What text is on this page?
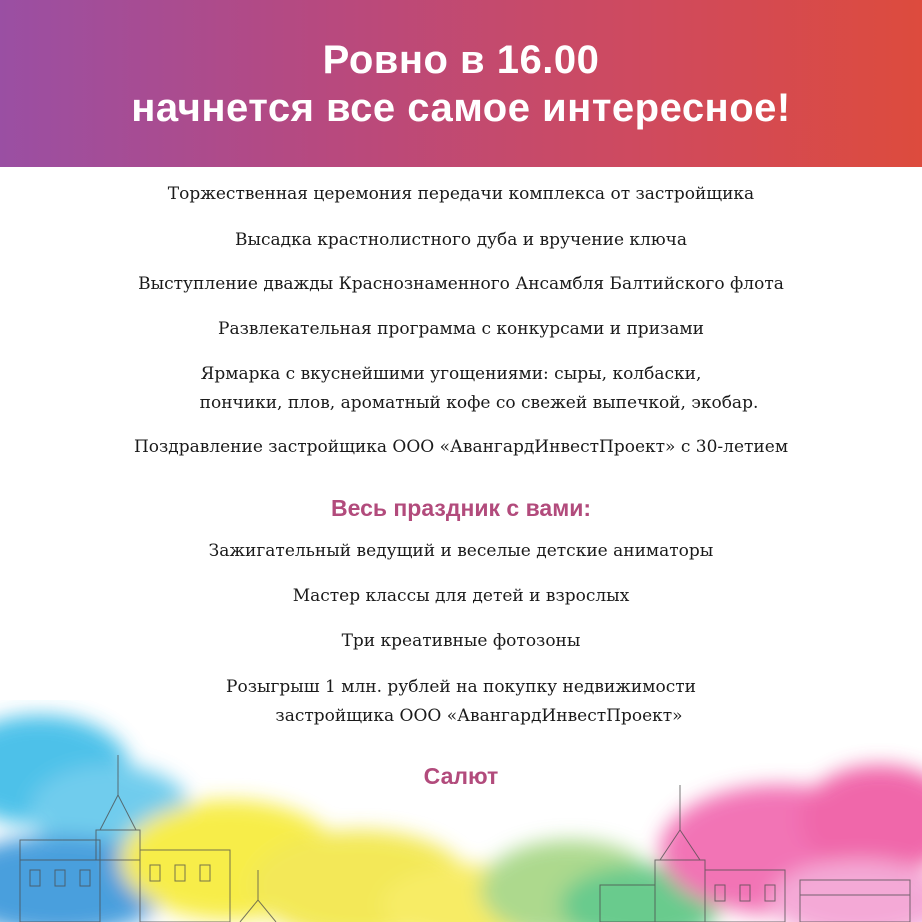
Ровно в 16.00
начнется все самое интересное!
Торжественная церемония передачи комплекса от застройщика
Высадка крастнолистного дуба и вручение ключа
Выступление дважды Краснознаменного Ансамбля Балтийского флота
Развлекательная программа с конкурсами и призами
Ярмарка с вкуснейшими угощениями: сыры, колбаски,
пончики, плов, ароматный кофе со свежей выпечкой, экобар.
Поздравление застройщика ООО «АвангардИнвестПроект» с 30-летием
Весь праздник с вами:
Зажигательный ведущий и веселые детские аниматоры
Мастер классы для детей и взрослых
Три креативные фотозоны
Розыгрыш 1 млн. рублей на покупку недвижимости
застройщика ООО «АвангардИнвестПроект»
Салют
